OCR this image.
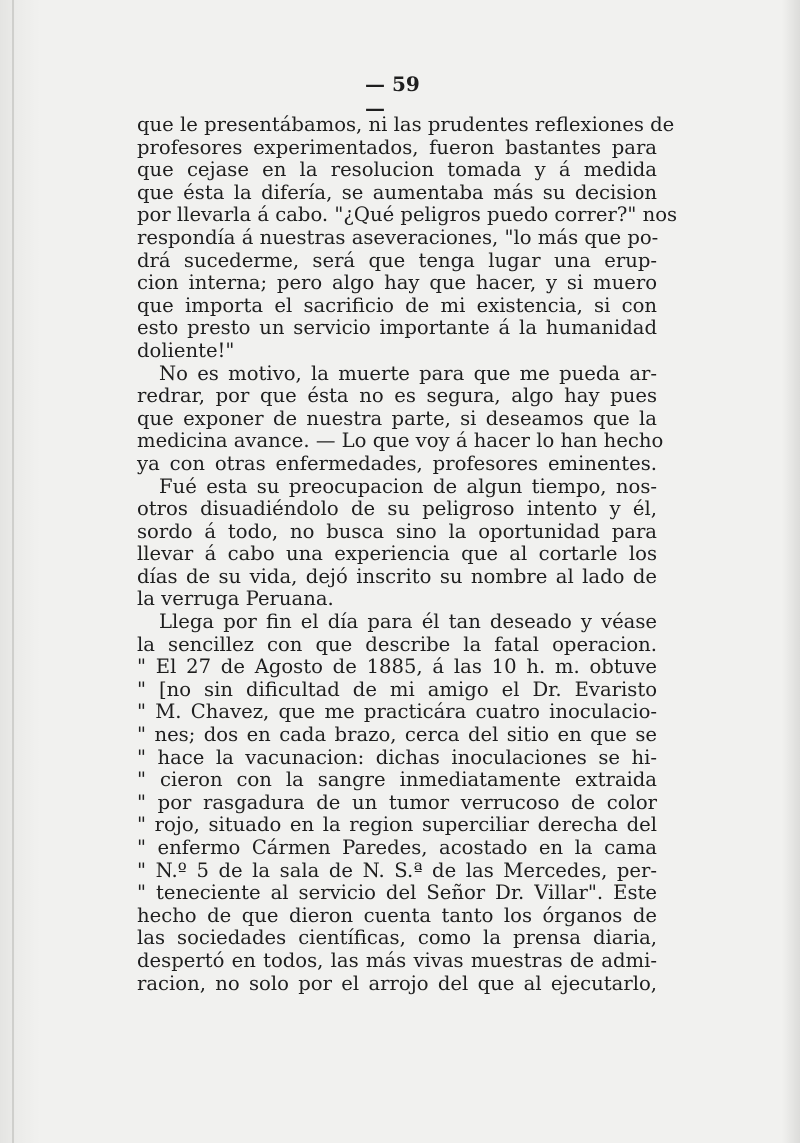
— 59 —
que le presentábamos, ni las prudentes reflexiones de
profesores experimentados, fueron bastantes para
que cejase en la resolucion tomada y á medida
que ésta la difería, se aumentaba más su decision
por llevarla á cabo. "¿Qué peligros puedo correr?" nos
respondía á nuestras aseveraciones, "lo más que po-
drá sucederme, será que tenga lugar una erup-
cion interna; pero algo hay que hacer, y si muero
que importa el sacrificio de mi existencia, si con
esto presto un servicio importante á la humanidad
doliente!"
No es motivo, la muerte para que me pueda ar-
redrar, por que ésta no es segura, algo hay pues
que exponer de nuestra parte, si deseamos que la
medicina avance. — Lo que voy á hacer lo han hecho
ya con otras enfermedades, profesores eminentes.
Fué esta su preocupacion de algun tiempo, nos-
otros disuadiéndolo de su peligroso intento y él,
sordo á todo, no busca sino la oportunidad para
llevar á cabo una experiencia que al cortarle los
días de su vida, dejó inscrito su nombre al lado de
la verruga Peruana.
Llega por fin el día para él tan deseado y véase
la sencillez con que describe la fatal operacion.
" El 27 de Agosto de 1885, á las 10 h. m. obtuve
" [no sin dificultad de mi amigo el Dr. Evaristo
" M. Chavez, que me practicára cuatro inoculacio-
" nes; dos en cada brazo, cerca del sitio en que se
" hace la vacunacion: dichas inoculaciones se hi-
" cieron con la sangre inmediatamente extraida
" por rasgadura de un tumor verrucoso de color
" rojo, situado en la region superciliar derecha del
" enfermo Cármen Paredes, acostado en la cama
" N.º 5 de la sala de N. S.ª de las Mercedes, per-
" teneciente al servicio del Señor Dr. Villar". Este
hecho de que dieron cuenta tanto los órganos de
las sociedades científicas, como la prensa diaria,
despertó en todos, las más vivas muestras de admi-
racion, no solo por el arrojo del que al ejecutarlo,
